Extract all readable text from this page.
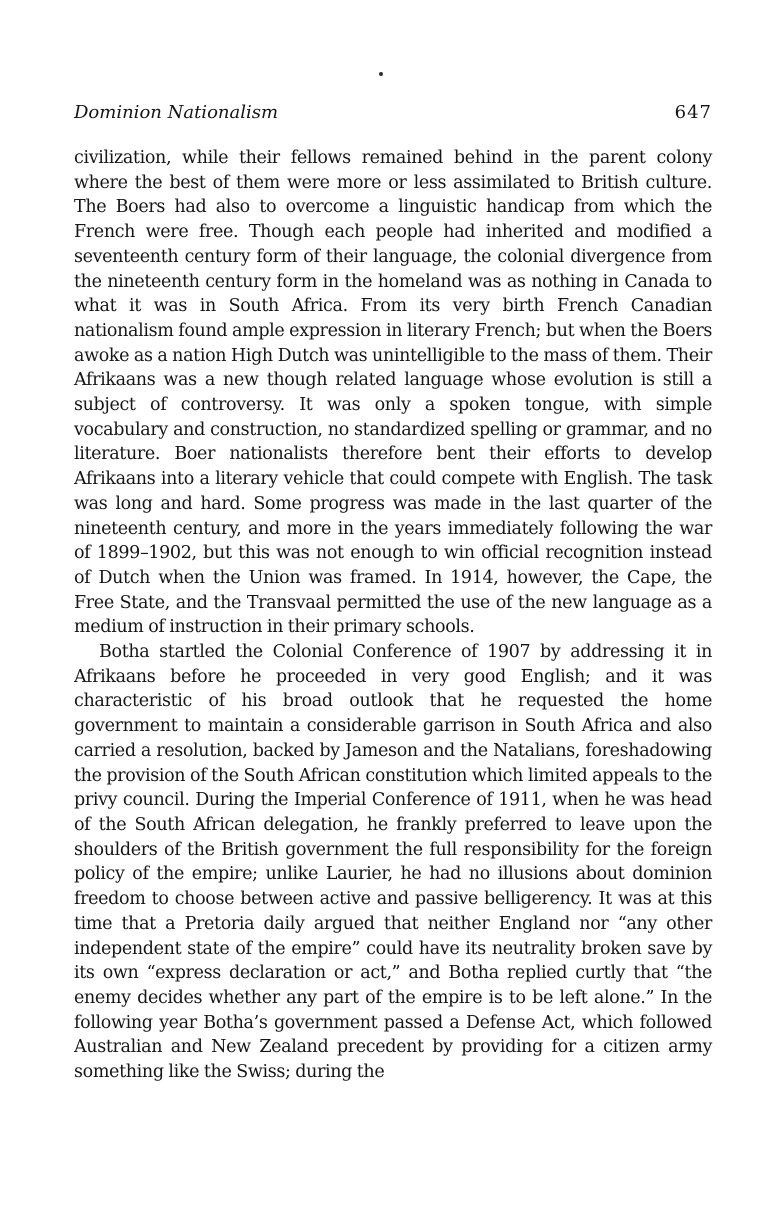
Dominion Nationalism	647

civilization, while their fellows remained behind in the parent colony where the best of them were more or less assimilated to British culture. The Boers had also to overcome a linguistic handicap from which the French were free. Though each people had inherited and modified a seventeenth century form of their language, the colonial divergence from the nineteenth century form in the homeland was as nothing in Canada to what it was in South Africa. From its very birth French Canadian nationalism found ample expression in literary French; but when the Boers awoke as a nation High Dutch was unintelligible to the mass of them. Their Afrikaans was a new though related language whose evolution is still a subject of controversy. It was only a spoken tongue, with simple vocabulary and construction, no standardized spelling or grammar, and no literature. Boer nationalists therefore bent their efforts to develop Afrikaans into a literary vehicle that could compete with English. The task was long and hard. Some progress was made in the last quarter of the nineteenth century, and more in the years immediately following the war of 1899–1902, but this was not enough to win official recognition instead of Dutch when the Union was framed. In 1914, however, the Cape, the Free State, and the Transvaal permitted the use of the new language as a medium of instruction in their primary schools.

Botha startled the Colonial Conference of 1907 by addressing it in Afrikaans before he proceeded in very good English; and it was characteristic of his broad outlook that he requested the home government to maintain a considerable garrison in South Africa and also carried a resolution, backed by Jameson and the Natalians, foreshadowing the provision of the South African constitution which limited appeals to the privy council. During the Imperial Conference of 1911, when he was head of the South African delegation, he frankly preferred to leave upon the shoulders of the British government the full responsibility for the foreign policy of the empire; unlike Laurier, he had no illusions about dominion freedom to choose between active and passive belligerency. It was at this time that a Pretoria daily argued that neither England nor “any other independent state of the empire” could have its neutrality broken save by its own “express declaration or act,” and Botha replied curtly that “the enemy decides whether any part of the empire is to be left alone.” In the following year Botha’s government passed a Defense Act, which followed Australian and New Zealand precedent by providing for a citizen army something like the Swiss; during the
